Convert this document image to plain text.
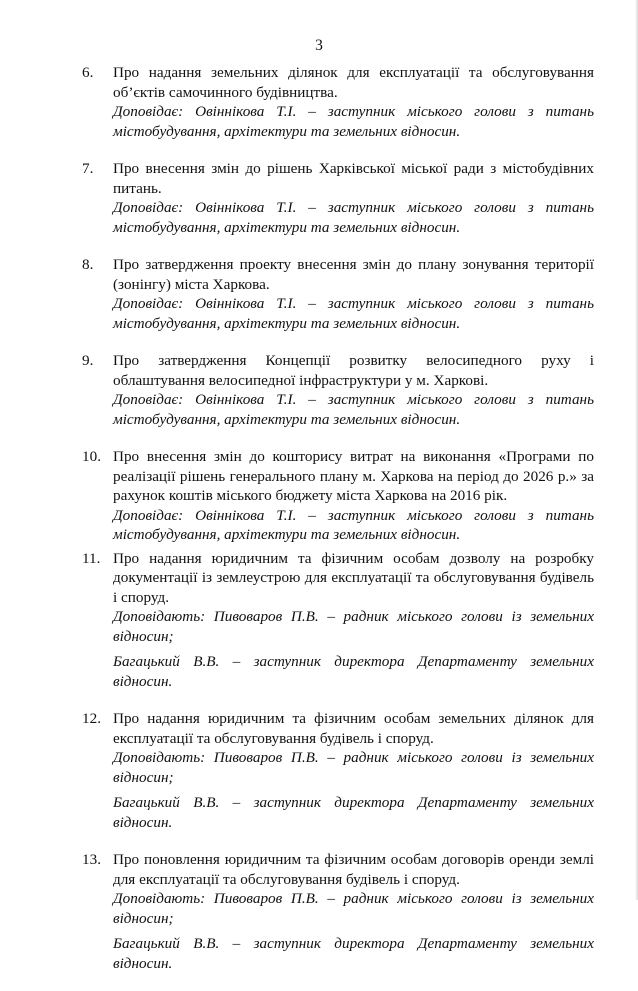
3
6.	Про надання земельних ділянок для експлуатації та обслуговування об’єктів самочинного будівництва.
Доповідає: Овіннікова Т.І. – заступник міського голови з питань містобудування, архітектури та земельних відносин.
7.	Про внесення змін до рішень Харківської міської ради з містобудівних питань.
Доповідає: Овіннікова Т.І. – заступник міського голови з питань містобудування, архітектури та земельних відносин.
8.	Про затвердження проекту внесення змін до плану зонування території (зонінгу) міста Харкова.
Доповідає: Овіннікова Т.І. – заступник міського голови з питань містобудування, архітектури та земельних відносин.
9.	Про затвердження Концепції розвитку велосипедного руху і облаштування велосипедної інфраструктури у м. Харкові.
Доповідає: Овіннікова Т.І. – заступник міського голови з питань містобудування, архітектури та земельних відносин.
10. Про внесення змін до кошторису витрат на виконання «Програми по реалізації рішень генерального плану м. Харкова на період до 2026 р.» за рахунок коштів міського бюджету міста Харкова на 2016 рік.
Доповідає: Овіннікова Т.І. – заступник міського голови з питань містобудування, архітектури та земельних відносин.
11. Про надання юридичним та фізичним особам дозволу на розробку документації із землеустрою для експлуатації та обслуговування будівель і споруд.
Доповідають: Пивоваров П.В. – радник міського голови із земельних відносин;
Багацький В.В. – заступник директора Департаменту земельних відносин.
12. Про надання юридичним та фізичним особам земельних ділянок для експлуатації та обслуговування будівель і споруд.
Доповідають: Пивоваров П.В. – радник міського голови із земельних відносин;
Багацький В.В. – заступник директора Департаменту земельних відносин.
13. Про поновлення юридичним та фізичним особам договорів оренди землі для експлуатації та обслуговування будівель і споруд.
Доповідають: Пивоваров П.В. – радник міського голови із земельних відносин;
Багацький В.В. – заступник директора Департаменту земельних відносин.
